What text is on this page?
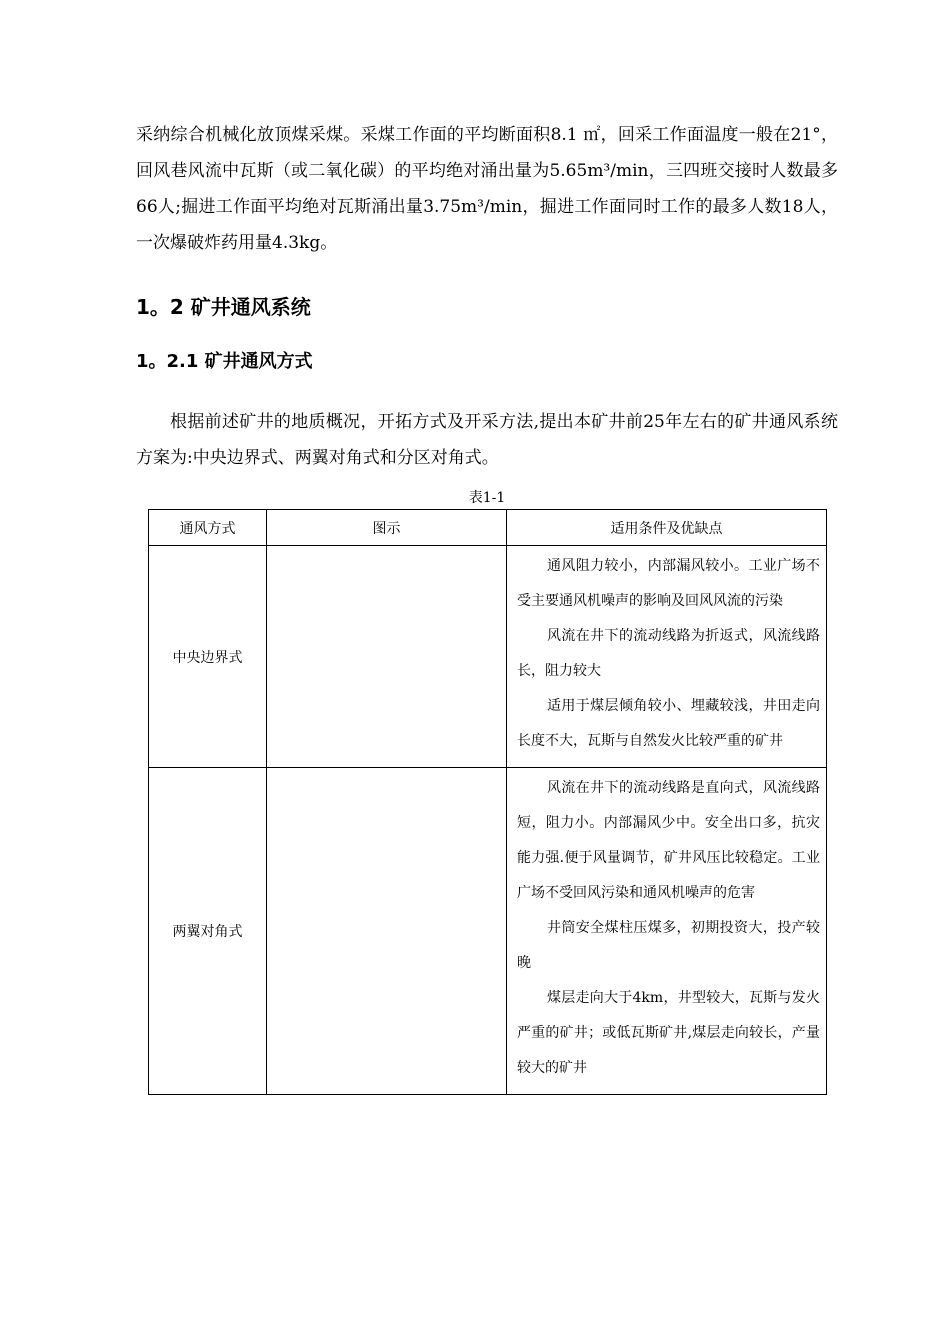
采纳综合机械化放顶煤采煤。采煤工作面的平均断面积8.1 ㎡，回采工作面温度一般在21°，回风巷风流中瓦斯（或二氧化碳）的平均绝对涌出量为5.65m³/min，三四班交接时人数最多66人;掘进工作面平均绝对瓦斯涌出量3.75m³/min，掘进工作面同时工作的最多人数18人，一次爆破炸药用量4.3kg。

1。2 矿井通风系统
1。2.1 矿井通风方式

根据前述矿井的地质概况，开拓方式及开采方法,提出本矿井前25年左右的矿井通风系统方案为:中央边界式、两翼对角式和分区对角式。

表1-1
通风方式	图示	适用条件及优缺点
中央边界式		通风阻力较小，内部漏风较小。工业广场不受主要通风机噪声的影响及回风风流的污染

风流在井下的流动线路为折返式，风流线路长，阻力较大

适用于煤层倾角较小、埋藏较浅，井田走向长度不大，瓦斯与自然发火比较严重的矿井

两翼对角式		风流在井下的流动线路是直向式，风流线路短，阻力小。内部漏风少中。安全出口多，抗灾能力强.便于风量调节，矿井风压比较稳定。工业广场不受回风污染和通风机噪声的危害

井筒安全煤柱压煤多，初期投资大，投产较晚

煤层走向大于4km，井型较大，瓦斯与发火严重的矿井；或低瓦斯矿井,煤层走向较长，产量较大的矿井
